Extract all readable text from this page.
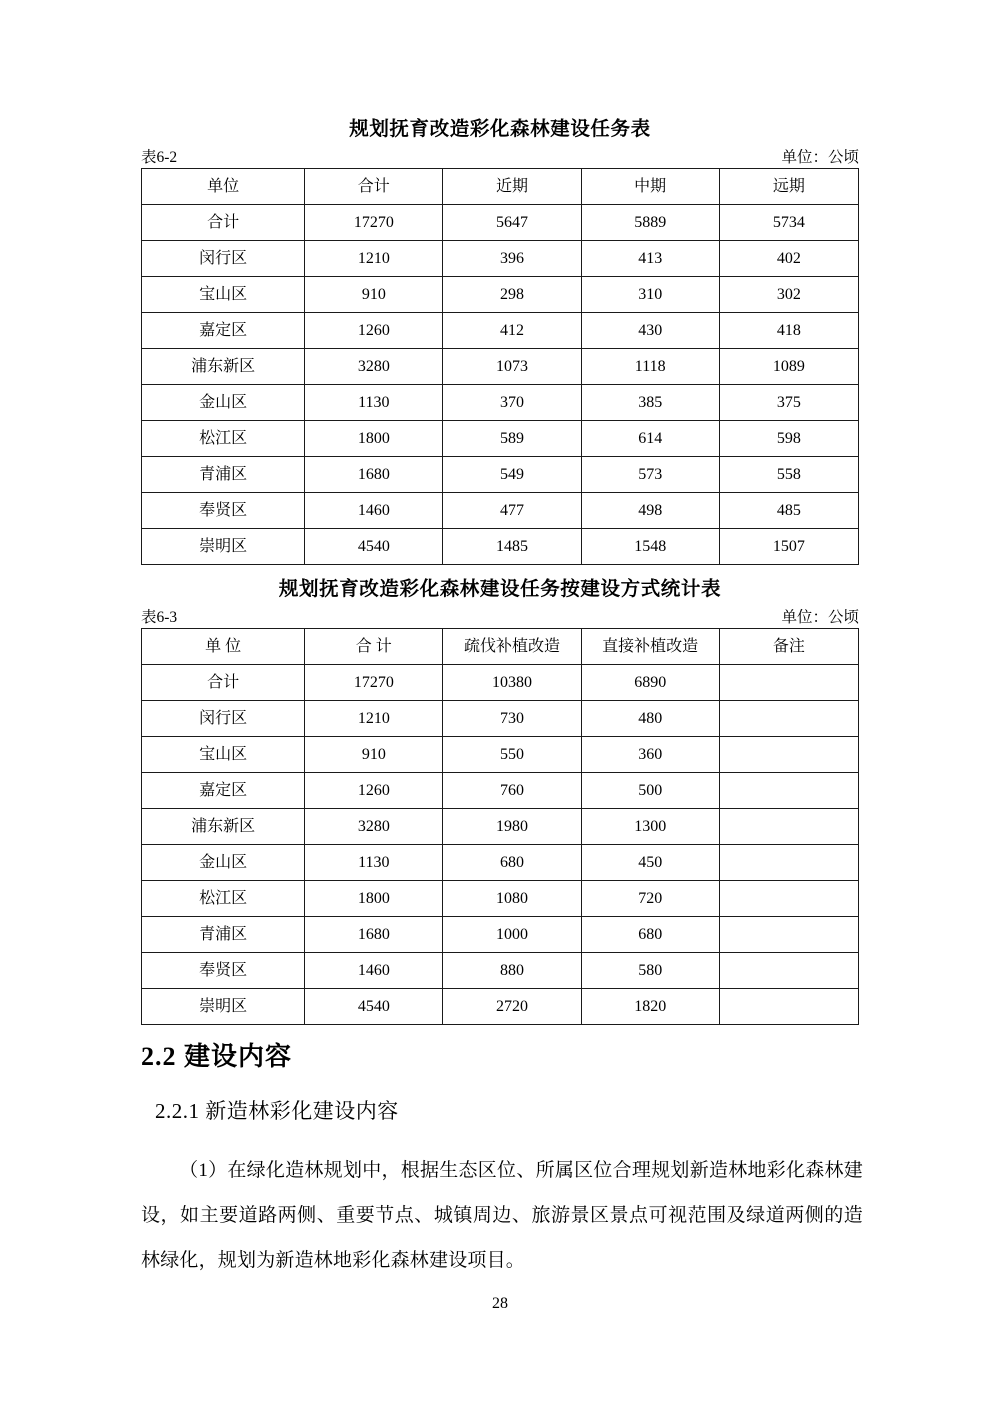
规划抚育改造彩化森林建设任务表
表6-2	单位：公顷
单位	合计	近期	中期	远期
合计	17270	5647	5889	5734
闵行区	1210	396	413	402
宝山区	910	298	310	302
嘉定区	1260	412	430	418
浦东新区	3280	1073	1118	1089
金山区	1130	370	385	375
松江区	1800	589	614	598
青浦区	1680	549	573	558
奉贤区	1460	477	498	485
崇明区	4540	1485	1548	1507
规划抚育改造彩化森林建设任务按建设方式统计表
表6-3	单位：公顷
单 位	合 计	疏伐补植改造	直接补植改造	备注
合计	17270	10380	6890	
闵行区	1210	730	480	
宝山区	910	550	360	
嘉定区	1260	760	500	
浦东新区	3280	1980	1300	
金山区	1130	680	450	
松江区	1800	1080	720	
青浦区	1680	1000	680	
奉贤区	1460	880	580	
崇明区	4540	2720	1820	
2.2 建设内容
2.2.1 新造林彩化建设内容

（1）在绿化造林规划中，根据生态区位、所属区位合理规划新造林地彩化森林建设，如主要道路两侧、重要节点、城镇周边、旅游景区景点可视范围及绿道两侧的造林绿化，规划为新造林地彩化森林建设项目。

28
